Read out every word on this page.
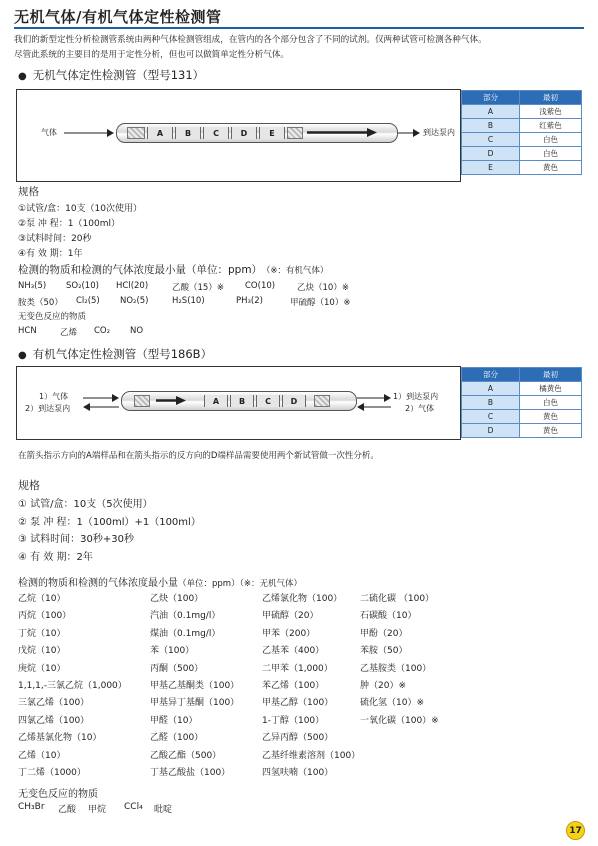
无机气体/有机气体定性检测管
我们的新型定性分析检测管系统由两种气体检测管组成，在管内的各个部分包含了不同的试剂。仅两种试管可检测各种气体。
尽管此系统的主要目的是用于定性分析，但也可以做简单定性分析气体。
● 无机气体定性检测管（型号131）
气体	A	B	C	D	E	到达泵内
部分	最初
A	浅紫色
B	红紫色
C	白色
D	白色
E	黄色
规格
①试管/盒：10支（10次使用）
②泵 冲 程：1（100ml）
③试料时间：20秒
④有 效 期：1年
检测的物质和检测的气体浓度最小量（单位：ppm） （※：有机气体）
NH₃(5) SO₂(10) HCl(20)	乙酸（15）※ CO(10)	乙炔（10）※
胺类（50） Cl₂(5) NO₂(5)	H₂S(10)	PH₃(2)	甲硫醇（10）※
无变色反应的物质
HCN	乙烯 CO₂ NO
● 有机气体定性检测管（型号186B）
1）气体
2）到达泵内
A B	C D	1）到达泵内
2）气体
部分	最初
A	橘黄色
B	白色
C	黄色
D	黄色
在箭头指示方向的A端样品和在箭头指示的反方向的D端样品需要使用两个新试管做一次性分析。
规格
① 试管/盒：10支（5次使用）
② 泵 冲 程：1（100ml）+1（100ml）
③ 试料时间：30秒+30秒
④ 有 效 期：2年
检测的物质和检测的气体浓度最小量（单位：ppm）（※：无机气体）
乙烷（10）	乙炔（100）	乙烯氯化物（100） 二硫化碳 （100）
丙烷（100）	汽油（0.1mg/l）	甲硫醇（20）	石碳酸（10）
丁烷（10）	煤油（0.1mg/l）	甲苯（200）	甲酚（20）
戊烷（10）	苯（100）	乙基苯（400）	苯胺（50）
庚烷（10）	丙酮（500）	二甲苯（1,000）	乙基胺类（100）
1,1,1,-三氯乙烷（1,000）	甲基乙基酮类（100）	苯乙烯（100）	肿（20）※
三氯乙烯（100）	甲基异丁基酮（100）	甲基乙醇（100）	硫化氢（10）※
四氯乙烯（100）	甲醛（10）	1-丁醇（100）	一氧化碳（100）※
乙烯基氯化物（10）	乙醛（100）	乙异丙醇（500）
乙烯（10）	乙酸乙酯（500）	乙基纤维素溶剂（100）
丁二烯（1000）	丁基乙酸盐（100）	四氢呋喃（100）
无变色反应的物质
CH₃Br 乙酸 甲烷 CCl₄ 吡啶
17
